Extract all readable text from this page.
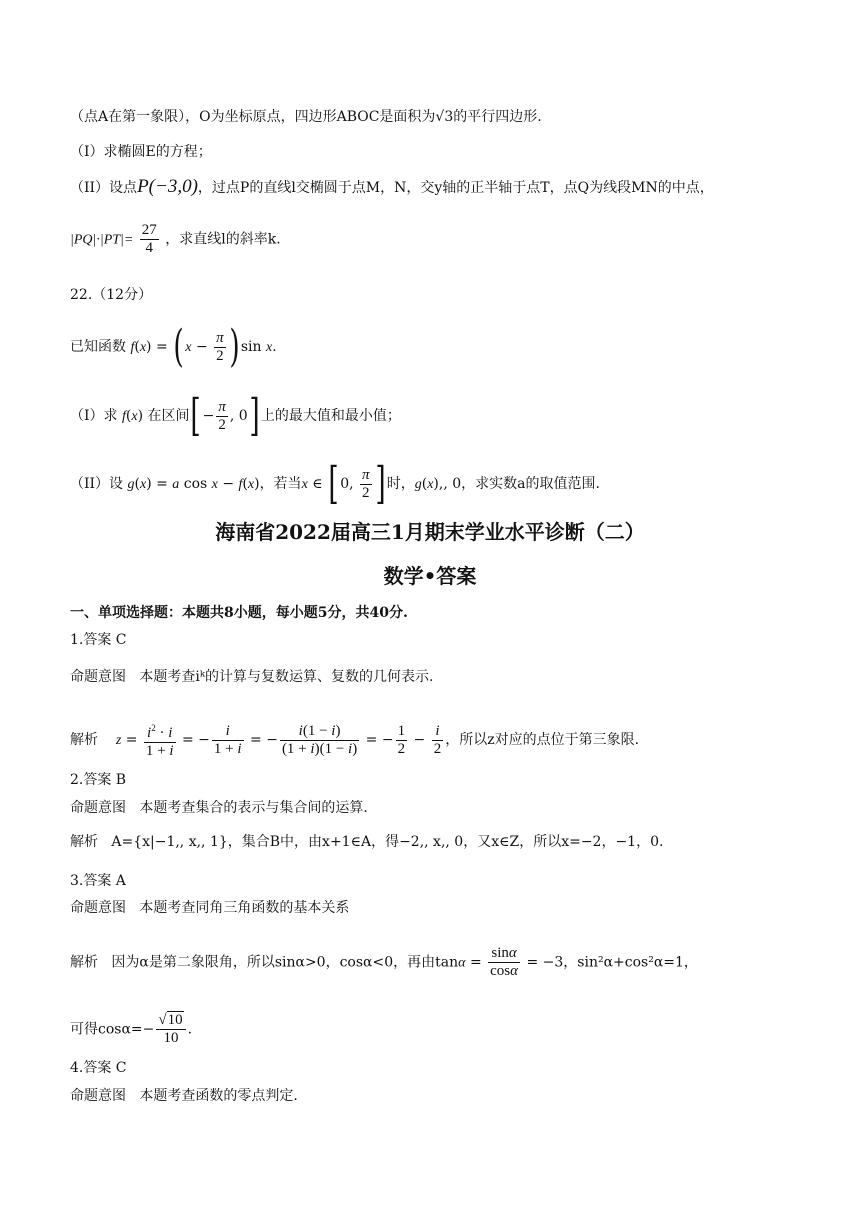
（点A在第一象限），O为坐标原点，四边形ABOC是面积为√3的平行四边形.
（I）求椭圆E的方程；
（II）设点P(−3,0)，过点P的直线l交椭圆于点M，N，交y轴的正半轴于点T，点Q为线段MN的中点，
$|PQ|\cdot|PT|= \frac{27}{4}$ ，求直线l的斜率k.
22.（12分）
已知函数 $f(x) = (x - \frac{\pi}{2} )\sin$ x.
（I）求 f(x) 在区间[− $\frac{\pi}{2}$ , 0]上的最大值和最小值；
（II）设 g(x) = a cos x − f(x)，若当x ∈ [0, $\frac{\pi}{2}$ ]时，g(x),, 0，求实数a的取值范围.
海南省2022届高三1月期末学业水平诊断（二）
数学•答案
一、单项选择题：本题共8小题，每小题5分，共40分.
1.答案 C
命题意图 本题考查iᵏ的计算与复数运算、复数的几何表示.
解析 $z = \frac{i^2 \cdot i}{1 + i}$ = − $\frac{i}{1 + i}$ = − $\frac{i(1 - i)}{(1 + i)(1 - i)}$ = − $\frac{1}{2} - \frac{i}{2}$ ，所以z对应的点位于第三象限.
2.答案 B
命题意图 本题考查集合的表示与集合间的运算.
解析 A={x|−1,, x,, 1}，集合B中，由x+1∈A，得−2,, x,, 0，又x∈Z，所以x=−2，−1，0.
3.答案 A
命题意图 本题考查同角三角函数的基本关系
解析 因为α是第二象限角，所以sinα>0，cosα<0，再由$\tan\alpha = \frac{\sin\alpha}{\cos\alpha} = -3$，sin²α+cos²α=1，
可得$\cos\alpha=- \frac{√10}{10}$ .
4.答案 C
命题意图 本题考查函数的零点判定.
